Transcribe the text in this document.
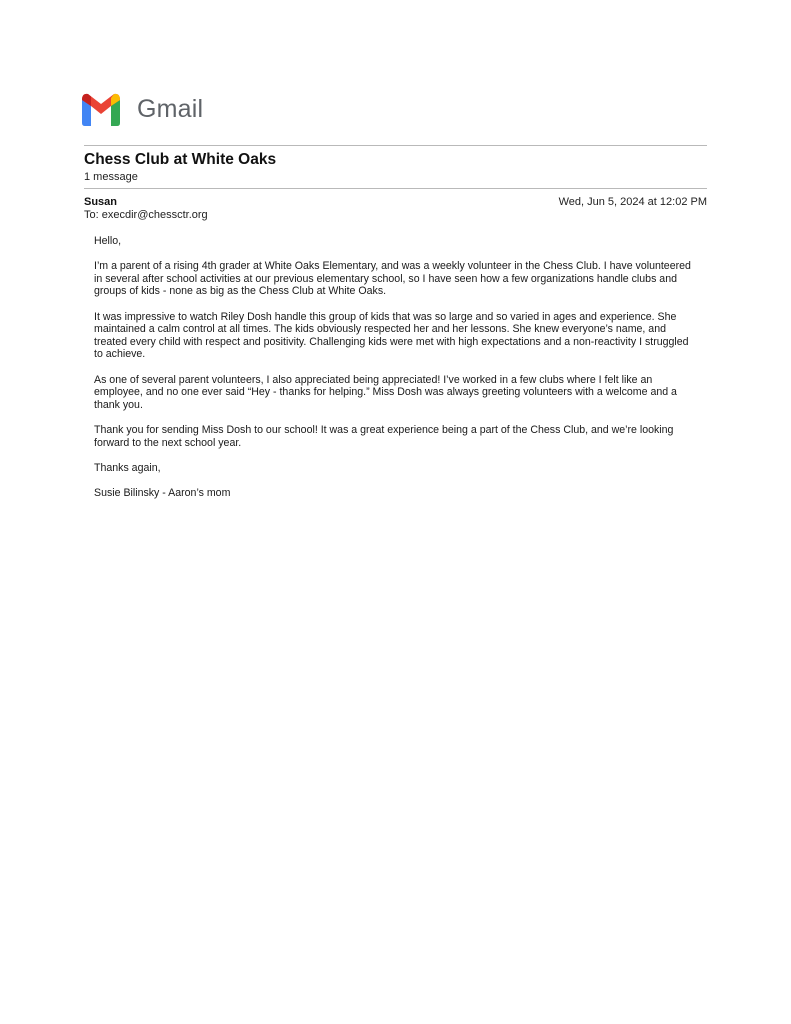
Gmail
Chess Club at White Oaks
1 message
Susan	Wed, Jun 5, 2024 at 12:02 PM
To: execdir@chessctr.org

Hello,

I’m a parent of a rising 4th grader at White Oaks Elementary, and was a weekly volunteer in the Chess Club. I have volunteered in several after school activities at our previous elementary school, so I have seen how a few organizations handle clubs and groups of kids - none as big as the Chess Club at White Oaks.

It was impressive to watch Riley Dosh handle this group of kids that was so large and so varied in ages and experience. She maintained a calm control at all times. The kids obviously respected her and her lessons. She knew everyone’s name, and treated every child with respect and positivity. Challenging kids were met with high expectations and a non-reactivity I struggled to achieve.

As one of several parent volunteers, I also appreciated being appreciated! I’ve worked in a few clubs where I felt like an employee, and no one ever said “Hey - thanks for helping.” Miss Dosh was always greeting volunteers with a welcome and a thank you.

Thank you for sending Miss Dosh to our school! It was a great experience being a part of the Chess Club, and we’re looking forward to the next school year.

Thanks again,

Susie Bilinsky - Aaron’s mom
